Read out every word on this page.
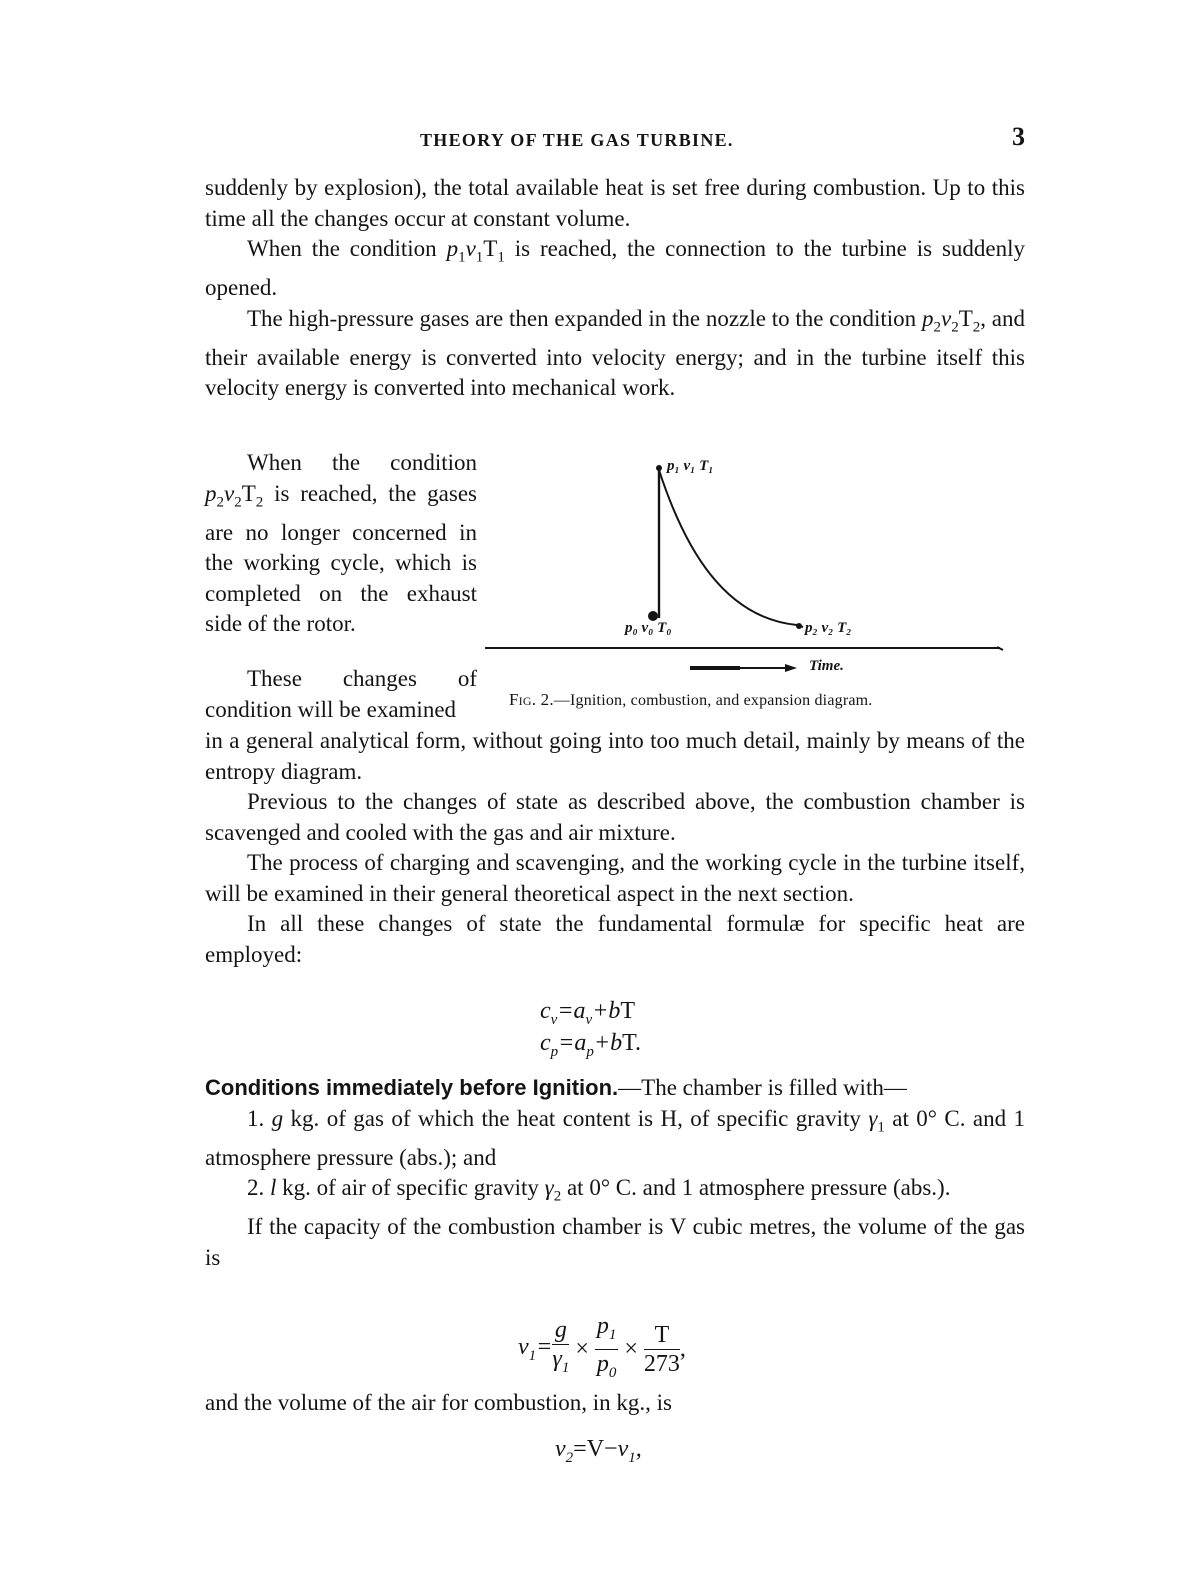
THEORY OF THE GAS TURBINE.	3

suddenly by explosion), the total available heat is set free during combustion. Up to this time all the changes occur at constant volume.

When the condition $p_1v_1T_1$ is reached, the connection to the turbine is suddenly opened.

The high-pressure gases are then expanded in the nozzle to the condition $p_2v_2T_2$, and their available energy is converted into velocity energy; and in the turbine itself this velocity energy is converted into mechanical work.

When the condition $p_2v_2T_2$ is reached, the gases are no longer concerned in the working cycle, which is completed on the exhaust side of the rotor.
These changes of condition will be examined
p₁ v₁ T₁
p₀ v₀ T₀	p₂ v₂ T₂
Time.
Fig. 2.—Ignition, combustion, and expansion diagram.

in a general analytical form, without going into too much detail, mainly by means of the entropy diagram.

Previous to the changes of state as described above, the combustion chamber is scavenged and cooled with the gas and air mixture.

The process of charging and scavenging, and the working cycle in the turbine itself, will be examined in their general theoretical aspect in the next section.

In all these changes of state the fundamental formulæ for specific heat are employed:

$c_v=a_v+bT$
$c_p=a_p+bT$.

Conditions immediately before Ignition.—The chamber is filled with—

1. g kg. of gas of which the heat content is H, of specific gravity $\gamma_1$ at 0° C. and 1 atmosphere pressure (abs.); and

2. l kg. of air of specific gravity $\gamma_2$ at 0° C. and 1 atmosphere pressure (abs.).

If the capacity of the combustion chamber is V cubic metres, the volume of the gas is

$v_1= \frac{g}{\gamma_1} \times \frac{p_1}{p_0} \times \frac{T}{273}$ ,

and the volume of the air for combustion, in kg., is

$v_2=V-v_1$,
